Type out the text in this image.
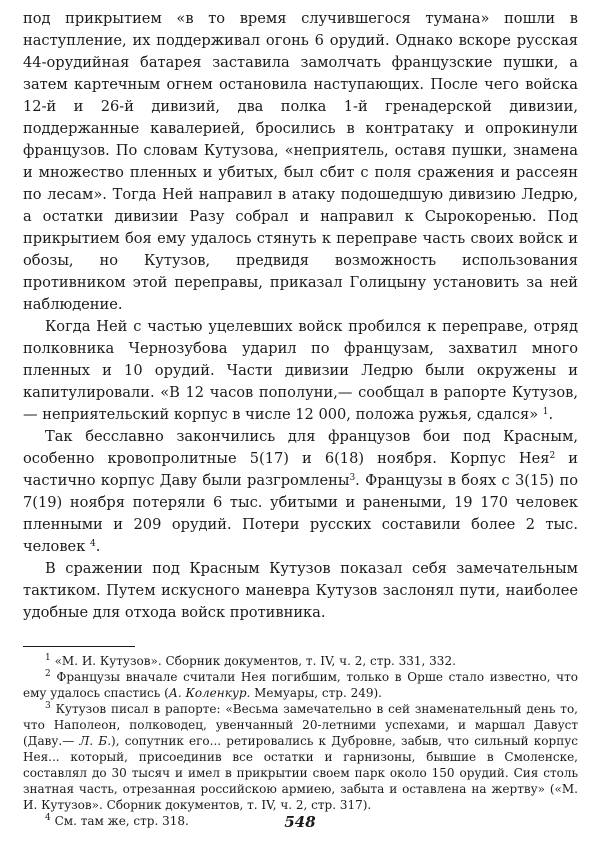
под прикрытием «в то время случившегося тумана» пошли в наступление, их поддерживал огонь 6 орудий. Однако вскоре русская 44-орудийная батарея заставила замолчать французские пушки, а затем картечным огнем остановила наступающих. После чего войска 12-й и 26-й дивизий, два полка 1-й гренадерской дивизии, поддержанные кавалерией, бросились в контратаку и опрокинули французов. По словам Кутузова, «неприятель, оставя пушки, знамена и множество пленных и убитых, был сбит с поля сражения и рассеян по лесам». Тогда Ней направил в атаку подошедшую дивизию Ледрю, а остатки дивизии Разу собрал и направил к Сырокоренью. Под прикрытием боя ему удалось стянуть к переправе часть своих войск и обозы, но Кутузов, предвидя возможность использования противником этой переправы, приказал Голицыну установить за ней наблюдение.

Когда Ней с частью уцелевших войск пробился к переправе, отряд полковника Чернозубова ударил по французам, захватил много пленных и 10 орудий. Части дивизии Ледрю были окружены и капитулировали. «В 12 часов пополуни,— сообщал в рапорте Кутузов,— неприятельский корпус в числе 12 000, положа ружья, сдался» $^1$.

Так бесславно закончились для французов бои под Красным, особенно кровопролитные 5(17) и 6(18) ноября. Корпус Нея$^2$ и частично корпус Даву были разгромлены$^3$. Французы в боях с 3(15) по 7(19) ноября потеряли 6 тыс. убитыми и ранеными, 19 170 человек пленными и 209 орудий. Потери русских составили более 2 тыс. человек $^4$.

В сражении под Красным Кутузов показал себя замечательным тактиком. Путем искусного маневра Кутузов заслонял пути, наиболее удобные для отхода войск противника.

$^1$ «М. И. Кутузов». Сборник документов, т. IV, ч. 2, стр. 331, 332.

$^2$ Французы вначале считали Нея погибшим, только в Орше стало известно, что ему удалось спастись (А. Коленкур. Мемуары, стр. 249).

$^3$ Кутузов писал в рапорте: «Весьма замечательно в сей знаменательный день то, что Наполеон, полководец, увенчанный 20-летними успехами, и маршал Давуст (Даву.— Л. Б.), сопутник его... ретировались к Дубровне, забыв, что сильный корпус Нея... который, присоединив все остатки и гарнизоны, бывшие в Смоленске, составлял до 30 тысяч и имел в прикрытии своем парк около 150 орудий. Сия столь знатная часть, отрезанная российскою армиею, забыта и оставлена на жертву» («М. И. Кутузов». Сборник документов, т. IV, ч. 2, стр. 317).

$^4$ См. там же, стр. 318.	548
